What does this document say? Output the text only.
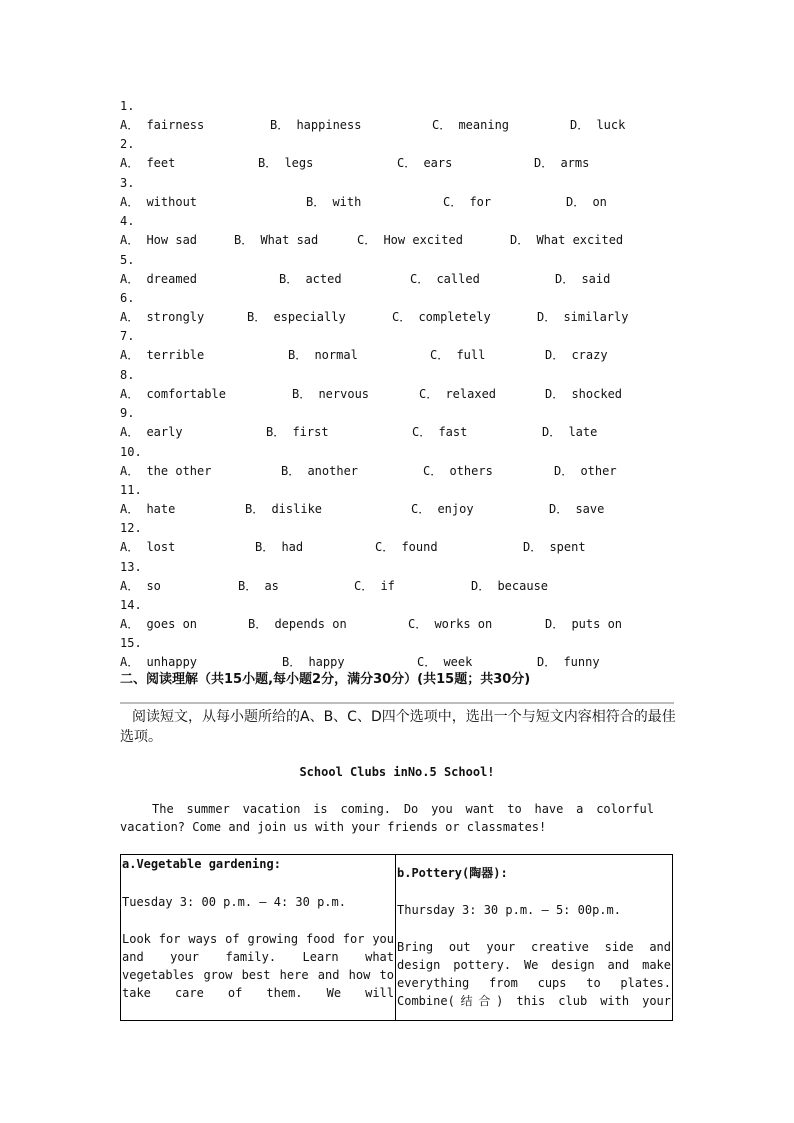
1.
A． fairness	B． happiness	C． meaning	D． luck
2.
A． feet	B． legs	C． ears	D． arms
3.
A． without	B． with	C． for	D． on
4.
A． How sad	B． What sad	C． How excited	D． What excited
5.
A． dreamed	B． acted	C． called	D． said
6.
A． strongly	B． especially	C． completely	D． similarly
7.
A． terrible	B． normal	C． full	D． crazy
8.
A． comfortable	B． nervous	C． relaxed	D． shocked
9.
A． early	B． first	C． fast	D． late
10.
A． the other	B． another	C． others	D． other
11.
A． hate	B． dislike	C． enjoy	D． save
12.
A． lost	B． had	C． found	D． spent
13.
A． so	B． as	C． if	D． because
14.
A． goes on	B． depends on	C． works on	D． puts on
15.
A． unhappy	B． happy	C． week	D． funny
二、阅读理解（共15小题,每小题2分，满分30分）(共15题；共30分)
阅读短文，从每小题所给的A、B、C、D四个选项中，选出一个与短文内容相符合的最佳选项。
School Clubs inNo.5 School!

The summer vacation is coming. Do you want to have a colorful vacation? Come and join us with your friends or classmates!

a.Vegetable gardening:
Tuesday 3: 00 p.m. – 4: 30 p.m.
Look for ways of growing food for you and your family. Learn what vegetables grow best here and how to take care of them. We will

b.Pottery(陶器):
Thursday 3: 30 p.m. – 5: 00p.m.
Bring out your creative side and design pottery. We design and make everything from cups to plates. Combine(结合) this club with your
